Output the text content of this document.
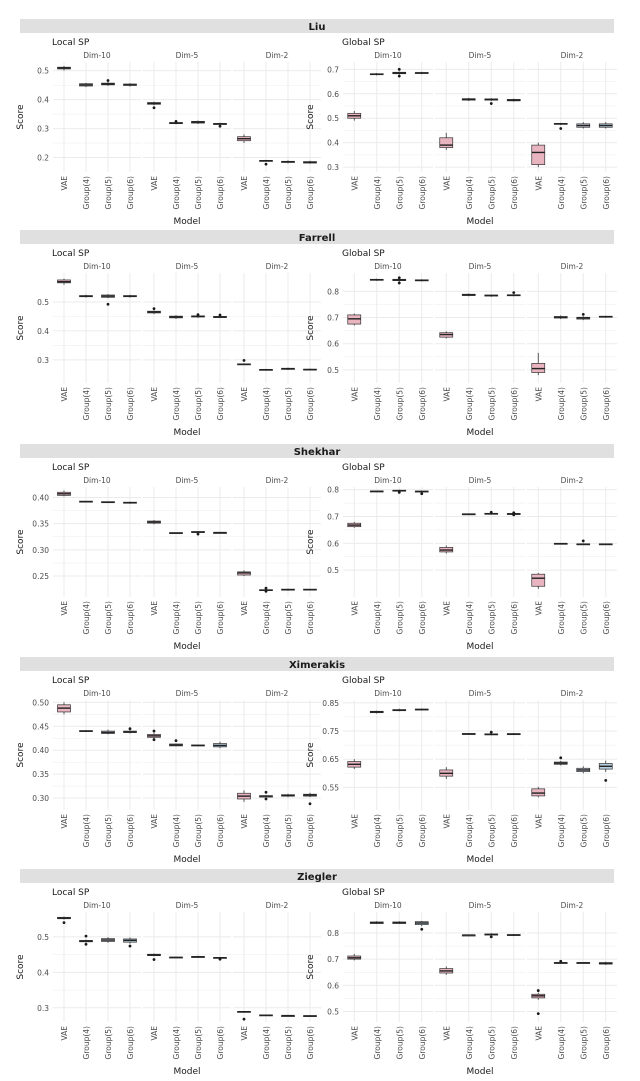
Liu
Local SP
Score
0.2
0.3
0.4
0.5
Dim-10
VAE Group(4) Group(5) Group(6)
Dim-5
VAE Group(4) Group(5) Group(6)
Dim-2
VAE Group(4) Group(5) Group(6)
Model
Global SP
Score
0.3
0.4
0.5
0.6
0.7
Dim-10
VAE Group(4) Group(5) Group(6)
Dim-5
VAE Group(4) Group(5) Group(6)
Dim-2
VAE Group(4) Group(5) Group(6)
Model
Farrell
Local SP
Score
0.3
0.4
0.5
Dim-10
VAE Group(4) Group(5) Group(6)
Dim-5
VAE Group(4) Group(5) Group(6)
Dim-2
VAE Group(4) Group(5) Group(6)
Model
Global SP
Score
0.5
0.6
0.7
0.8
Dim-10
VAE Group(4) Group(5) Group(6)
Dim-5
VAE Group(4) Group(5) Group(6)
Dim-2
VAE Group(4) Group(5) Group(6)
Model
Shekhar
Local SP
Score
0.25
0.30
0.35
0.40
Dim-10
VAE Group(4) Group(5) Group(6)
Dim-5
VAE Group(4) Group(5) Group(6)
Dim-2
VAE Group(4) Group(5) Group(6)
Model
Global SP
Score
0.5
0.6
0.7
0.8
Dim-10
VAE Group(4) Group(5) Group(6)
Dim-5
VAE Group(4) Group(5) Group(6)
Dim-2
VAE Group(4) Group(5) Group(6)
Model
Ximerakis
Local SP
Score
0.30
0.35
0.40
0.45
0.50
Dim-10
VAE Group(4) Group(5) Group(6)
Dim-5
VAE Group(4) Group(5) Group(6)
Dim-2
VAE Group(4) Group(5) Group(6)
Model
Global SP
Score
0.55
0.65
0.75
0.85
Dim-10
VAE Group(4) Group(5) Group(6)
Dim-5
VAE Group(4) Group(5) Group(6)
Dim-2
VAE Group(4) Group(5) Group(6)
Model
Ziegler
Local SP
Score
0.3
0.4
0.5
Dim-10
VAE Group(4) Group(5) Group(6)
Dim-5
VAE Group(4) Group(5) Group(6)
Dim-2
VAE Group(4) Group(5) Group(6)
Model
Global SP
Score
0.5
0.6
0.7
0.8
Dim-10
VAE Group(4) Group(5) Group(6)
Dim-5
VAE Group(4) Group(5) Group(6)
Dim-2
VAE Group(4) Group(5) Group(6)
Model
